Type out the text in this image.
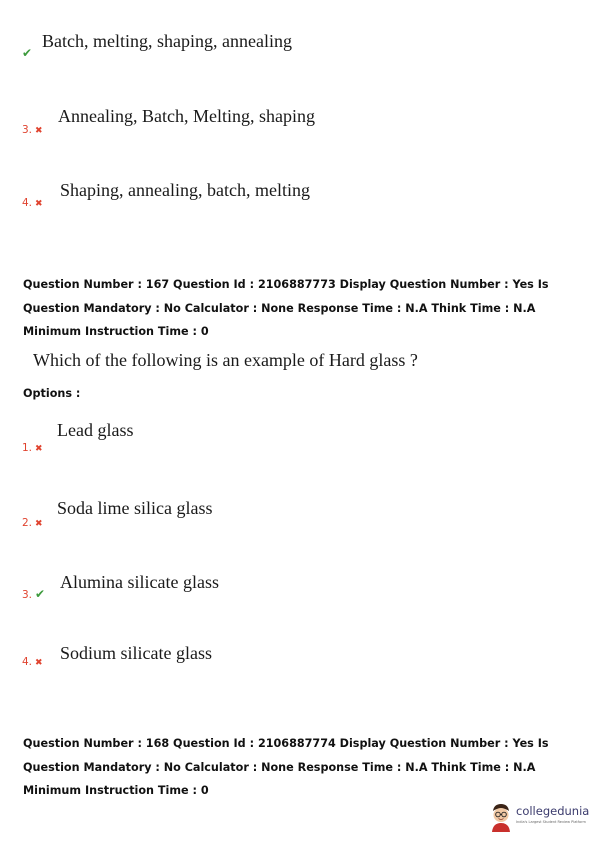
✔
Batch, melting, shaping, annealing
3. ✖
Annealing, Batch, Melting, shaping
4. ✖
Shaping, annealing, batch, melting
Question Number : 167 Question Id : 2106887773 Display Question Number : Yes Is Question Mandatory : No Calculator : None Response Time : N.A Think Time : N.A Minimum Instruction Time : 0
Which of the following is an example of Hard glass ?
Options :
1. ✖
Lead glass
2. ✖
Soda lime silica glass
3. ✔
Alumina silicate glass
4. ✖ Sodium silicate glass
Question Number : 168 Question Id : 2106887774 Display Question Number : Yes Is Question Mandatory : No Calculator : None Response Time : N.A Think Time : N.A Minimum Instruction Time : 0
collegedunia
India's Largest Student Review Platform
